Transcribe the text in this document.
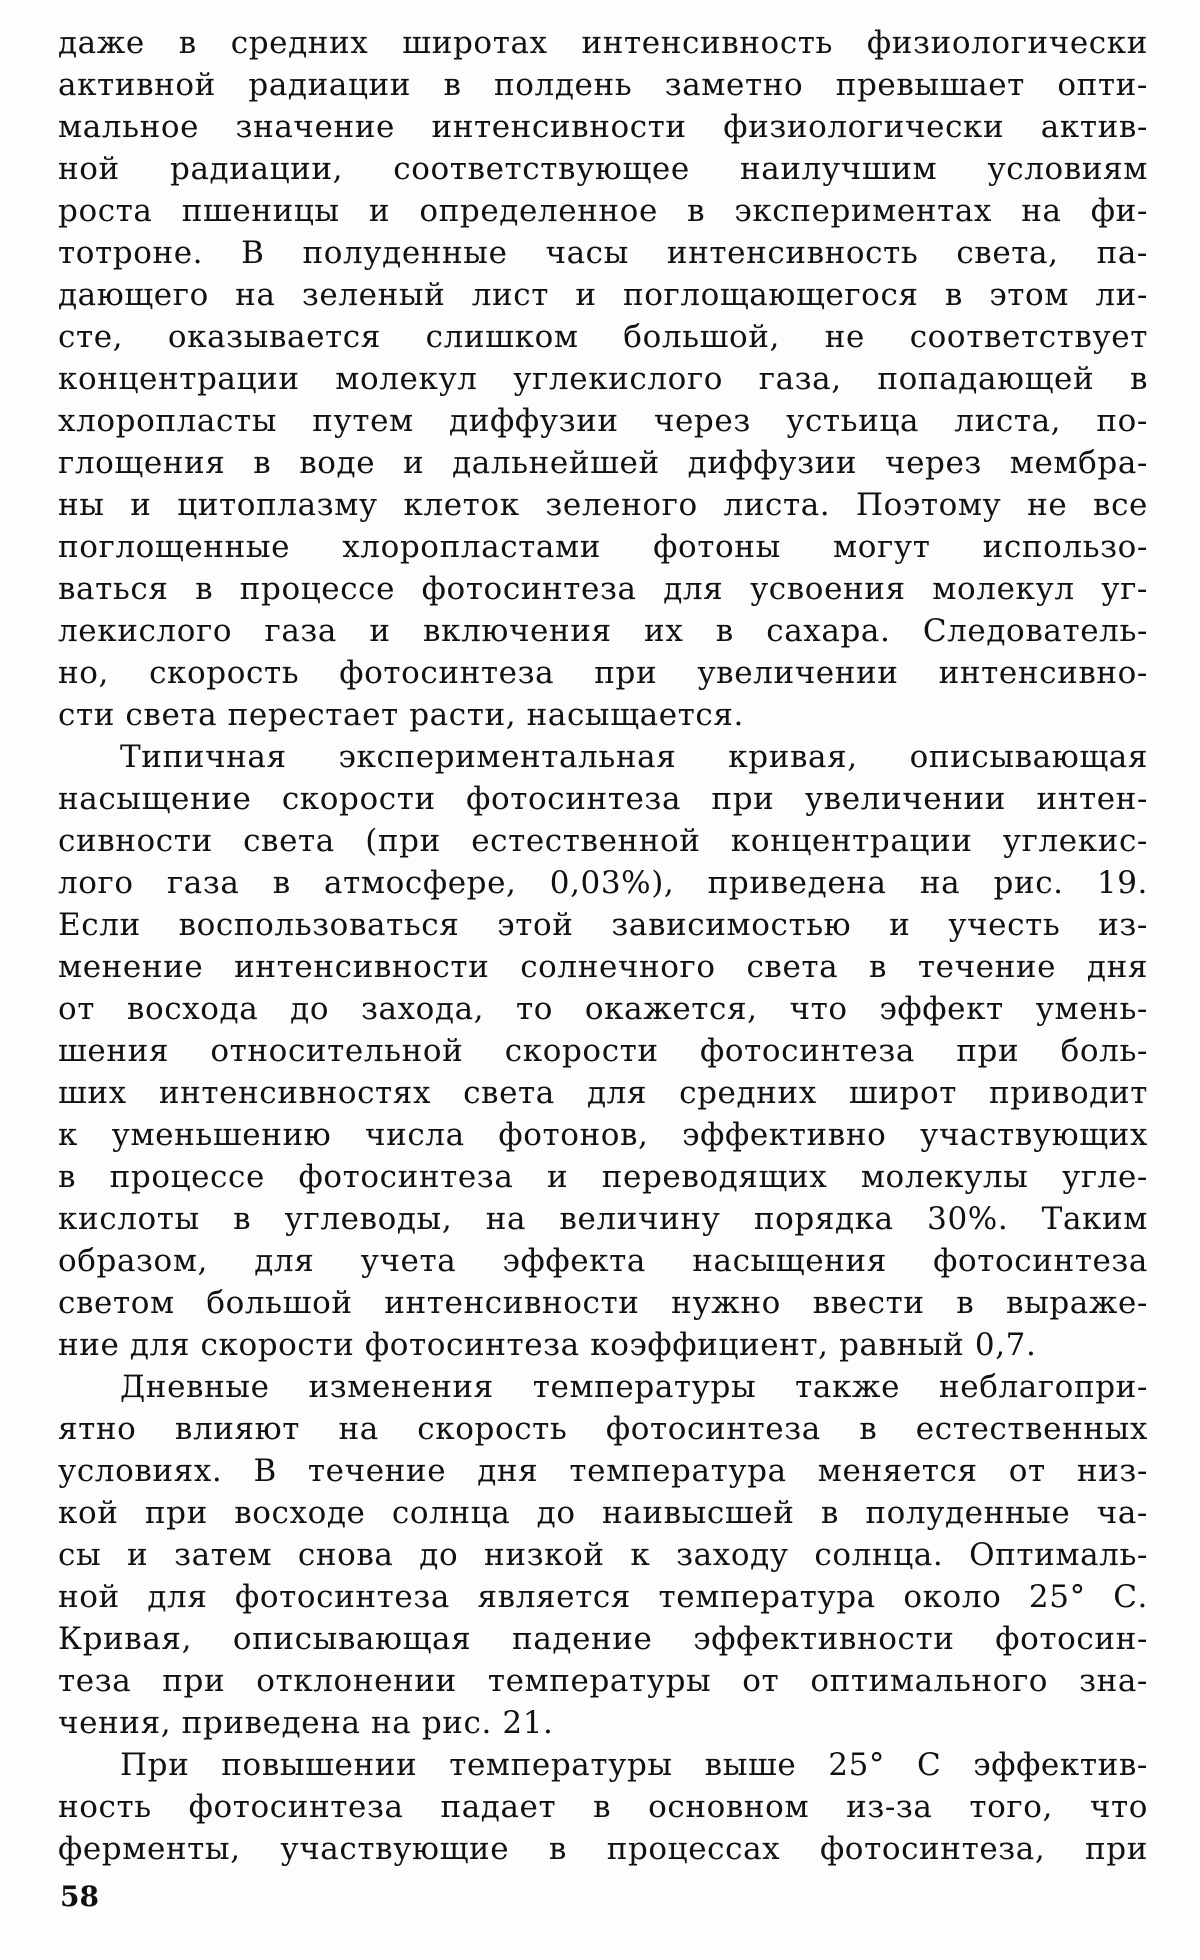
даже в средних широтах интенсивность физиологически
активной радиации в полдень заметно превышает опти-
мальное значение интенсивности физиологически актив-
ной радиации, соответствующее наилучшим условиям
роста пшеницы и определенное в экспериментах на фи-
тотроне. В полуденные часы интенсивность света, па-
дающего на зеленый лист и поглощающегося в этом ли-
сте, оказывается слишком большой, не соответствует
концентрации молекул углекислого газа, попадающей в
хлоропласты путем диффузии через устьица листа, по-
глощения в воде и дальнейшей диффузии через мембра-
ны и цитоплазму клеток зеленого листа. Поэтому не все
поглощенные хлоропластами фотоны могут использо-
ваться в процессе фотосинтеза для усвоения молекул уг-
лекислого газа и включения их в сахара. Следователь-
но, скорость фотосинтеза при увеличении интенсивно-
сти света перестает расти, насыщается.
Типичная экспериментальная кривая, описывающая
насыщение скорости фотосинтеза при увеличении интен-
сивности света (при естественной концентрации углекис-
лого газа в атмосфере, 0,03%), приведена на рис. 19.
Если воспользоваться этой зависимостью и учесть из-
менение интенсивности солнечного света в течение дня
от восхода до захода, то окажется, что эффект умень-
шения относительной скорости фотосинтеза при боль-
ших интенсивностях света для средних широт приводит
к уменьшению числа фотонов, эффективно участвующих
в процессе фотосинтеза и переводящих молекулы угле-
кислоты в углеводы, на величину порядка 30%. Таким
образом, для учета эффекта насыщения фотосинтеза
светом большой интенсивности нужно ввести в выраже-
ние для скорости фотосинтеза коэффициент, равный 0,7.
Дневные изменения температуры также неблагопри-
ятно влияют на скорость фотосинтеза в естественных
условиях. В течение дня температура меняется от низ-
кой при восходе солнца до наивысшей в полуденные ча-
сы и затем снова до низкой к заходу солнца. Оптималь-
ной для фотосинтеза является температура около 25° С.
Кривая, описывающая падение эффективности фотосин-
теза при отклонении температуры от оптимального зна-
чения, приведена на рис. 21.
При повышении температуры выше 25° С эффектив-
ность фотосинтеза падает в основном из-за того, что
ферменты, участвующие в процессах фотосинтеза, при
58
